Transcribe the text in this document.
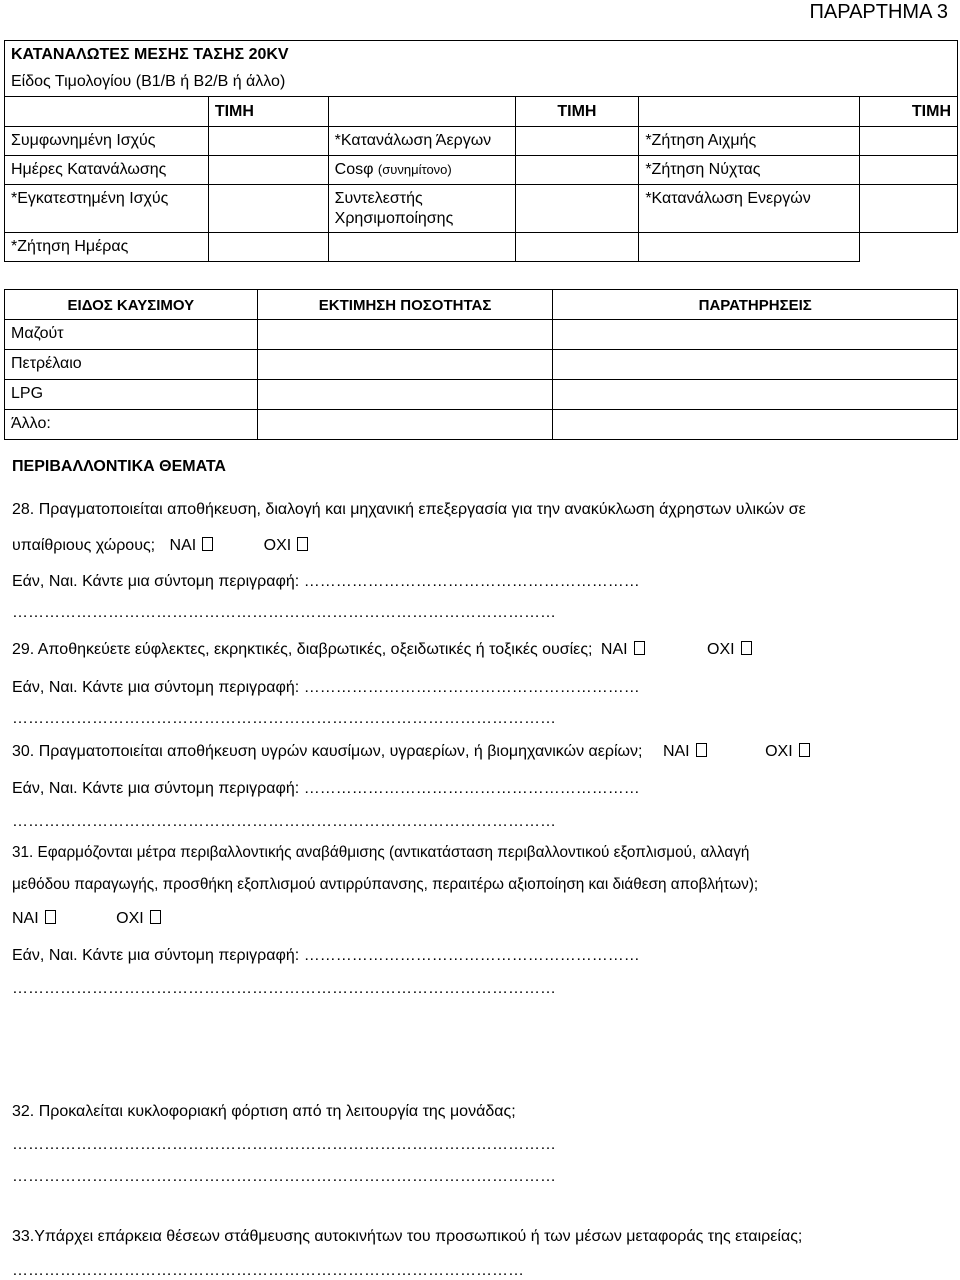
ΠΑΡΑΡΤΗΜΑ 3
ΚΑΤΑΝΑΛΩΤΕΣ ΜΕΣΗΣ ΤΑΣΗΣ 20KV					
Είδος Τιμολογίου (Β1/Β ή Β2/Β ή άλλο)					
	ΤΙΜΗ		ΤΙΜΗ		ΤΙΜΗ
Συμφωνημένη Ισχύς		*Κατανάλωση Άεργων		*Ζήτηση Αιχμής	
Ημέρες Κατανάλωσης		Cosφ (συνημίτονο)		*Ζήτηση Νύχτας	
*Εγκατεστημένη Ισχύς		Συντελεστής Χρησιμοποίησης		*Κατανάλωση Ενεργών	
*Ζήτηση Ημέρας					
ΕΙΔΟΣ ΚΑΥΣΙΜΟΥ	ΕΚΤΙΜΗΣΗ ΠΟΣΟΤΗΤΑΣ	ΠΑΡΑΤΗΡΗΣΕΙΣ
Μαζούτ		
Πετρέλαιο		
LPG		
Άλλο:		
ΠΕΡΙΒΑΛΛΟΝΤΙΚΑ ΘΕΜΑΤΑ
28. Πραγματοποιείται αποθήκευση, διαλογή και μηχανική επεξεργασία για την ανακύκλωση άχρηστων υλικών σε
υπαίθριους χώρους; ΝΑΙ	ΟΧΙ
Εάν, Ναι. Κάντε μια σύντομη περιγραφή: ………………………………………………………
…………………………………………………………………………………………
29. Αποθηκεύετε εύφλεκτες, εκρηκτικές, διαβρωτικές, οξειδωτικές ή τοξικές ουσίες; ΝΑΙ	ΟΧΙ
Εάν, Ναι. Κάντε μια σύντομη περιγραφή: ………………………………………………………
…………………………………………………………………………………………
30. Πραγματοποιείται αποθήκευση υγρών καυσίμων, υγραερίων, ή βιομηχανικών αερίων; ΝΑΙ	ΟΧΙ
Εάν, Ναι. Κάντε μια σύντομη περιγραφή: ………………………………………………………
…………………………………………………………………………………………
31. Εφαρμόζονται μέτρα περιβαλλοντικής αναβάθμισης (αντικατάσταση περιβαλλοντικού εξοπλισμού, αλλαγή
μεθόδου παραγωγής, προσθήκη εξοπλισμού αντιρρύπανσης, περαιτέρω αξιοποίηση και διάθεση αποβλήτων);
ΝΑΙ	ΟΧΙ
Εάν, Ναι. Κάντε μια σύντομη περιγραφή: ………………………………………………………
…………………………………………………………………………………………
32. Προκαλείται κυκλοφοριακή φόρτιση από τη λειτουργία της μονάδας;
…………………………………………………………………………………………
…………………………………………………………………………………………
33.Υπάρχει επάρκεια θέσεων στάθμευσης αυτοκινήτων του προσωπικού ή των μέσων μεταφοράς της εταιρείας;
……………………………………………………………………………………
